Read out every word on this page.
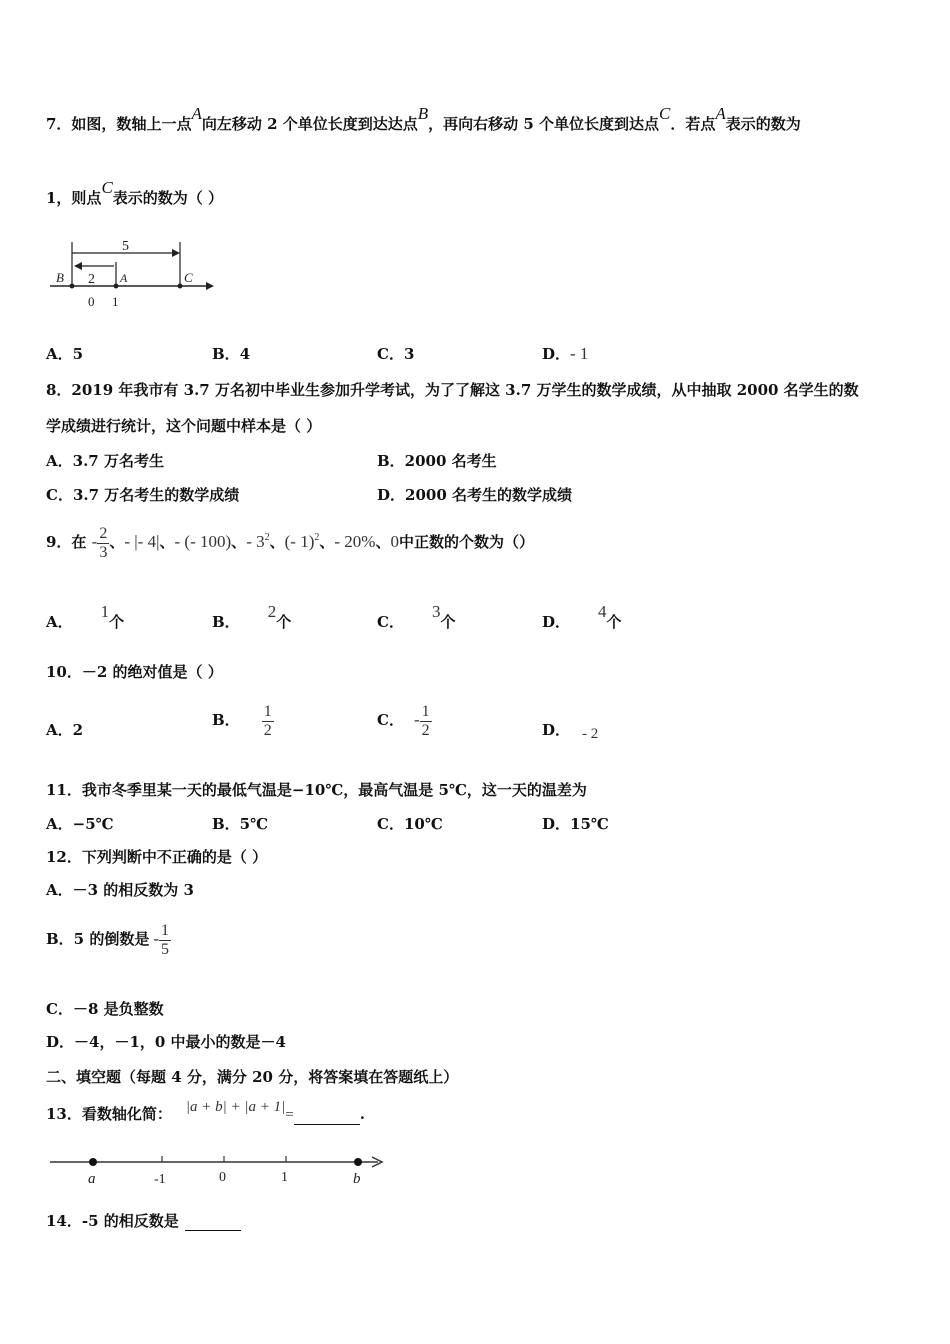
7．如图，数轴上一点A向左移动 2 个单位长度到达达点B，再向右移动 5 个单位长度到达点C．若点A表示的数为
1，则点C表示的数为（ ）
5
2
B	A	C
0 1
A．5	B．4	C．3	D．- 1
8．2019 年我市有 3.7 万名初中毕业生参加升学考试，为了了解这 3.7 万学生的数学成绩，从中抽取 2000 名学生的数
学成绩进行统计，这个问题中样本是（ ）
A．3.7 万名考生	B．2000 名考生
C．3.7 万名考生的数学成绩	D．2000 名考生的数学成绩
9．在 - $\frac{2}{3}$ 、- |- 4|、- (- 100)、- $3^2$、(- 1)$^2$、- 20%、0中正数的个数为（）
A．1个	B．2个	C．3个	D．4个
10．－2 的绝对值是（ ）
A．2
B． $\frac{1}{2}$	C． - $\frac{1}{2}$	D． - 2
11．我市冬季里某一天的最低气温是−10℃，最高气温是 5℃，这一天的温差为
A．−5℃	B．5℃	C．10℃	D．15℃
12．下列判断中不正确的是（ ）
A．－3 的相反数为 3
B．5 的倒数是 - $\frac{1}{5}$
C．－8 是负整数
D．－4，－1，0 中最小的数是－4
二、填空题（每题 4 分，满分 20 分，将答案填在答题纸上）
13．看数轴化简： |a + b| + |a + 1|=	.
a	-1	0	1	b
14．-5 的相反数是
